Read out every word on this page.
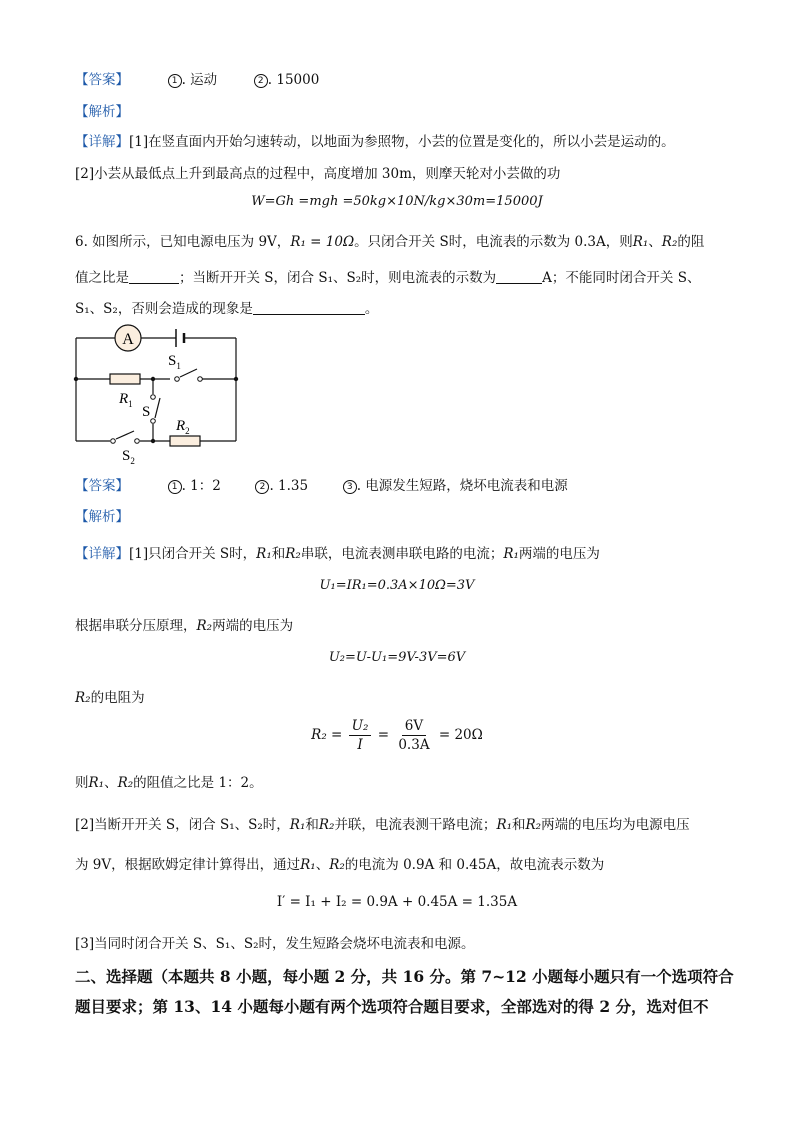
【答案】	1 . 运动	2 . 15000
【解析】
【详解】[1]在竖直面内开始匀速转动，以地面为参照物，小芸的位置是变化的，所以小芸是运动的。
[2]小芸从最低点上升到最高点的过程中，高度增加 30m，则摩天轮对小芸做的功
W=Gh =mgh =50kg×10N/kg×30m=15000J
6. 如图所示，已知电源电压为 9V，R₁ = 10Ω。只闭合开关 S时，电流表的示数为 0.3A，则R₁、R₂的阻
值之比是	；当断开开关 S，闭合 S₁、S₂时，则电流表的示数为	A；不能同时闭合开关 S、
S₁、S₂，否则会造成的现象是	。
A
$S_1$
$R_1$ S
$R_2$
$S_2$
【答案】	1 . 1：2	2 . 1.35	3 . 电源发生短路，烧坏电流表和电源
【解析】
【详解】[1]只闭合开关 S时，R₁和R₂串联，电流表测串联电路的电流；R₁两端的电压为
U₁=IR₁=0.3A×10Ω=3V
根据串联分压原理，R₂两端的电压为
U₂=U-U₁=9V-3V=6V
R₂的电阻为
$R_2 = \frac{\text{U₂}}{I} = \frac{6V}{0.3A} = 20\Omega$
则R₁、R₂的阻值之比是 1：2。
[2]当断开开关 S，闭合 S₁、S₂时，R₁和R₂并联，电流表测干路电流；R₁和R₂两端的电压均为电源电压
为 9V，根据欧姆定律计算得出，通过R₁、R₂的电流为 0.9A 和 0.45A，故电流表示数为
I′ = I₁ + I₂ = 0.9A + 0.45A = 1.35A
[3]当同时闭合开关 S、S₁、S₂时，发生短路会烧坏电流表和电源。
二、选择题（本题共 8 小题，每小题 2 分，共 16 分。第 7~12 小题每小题只有一个选项符合
题目要求；第 13、14 小题每小题有两个选项符合题目要求，全部选对的得 2 分，选对但不
